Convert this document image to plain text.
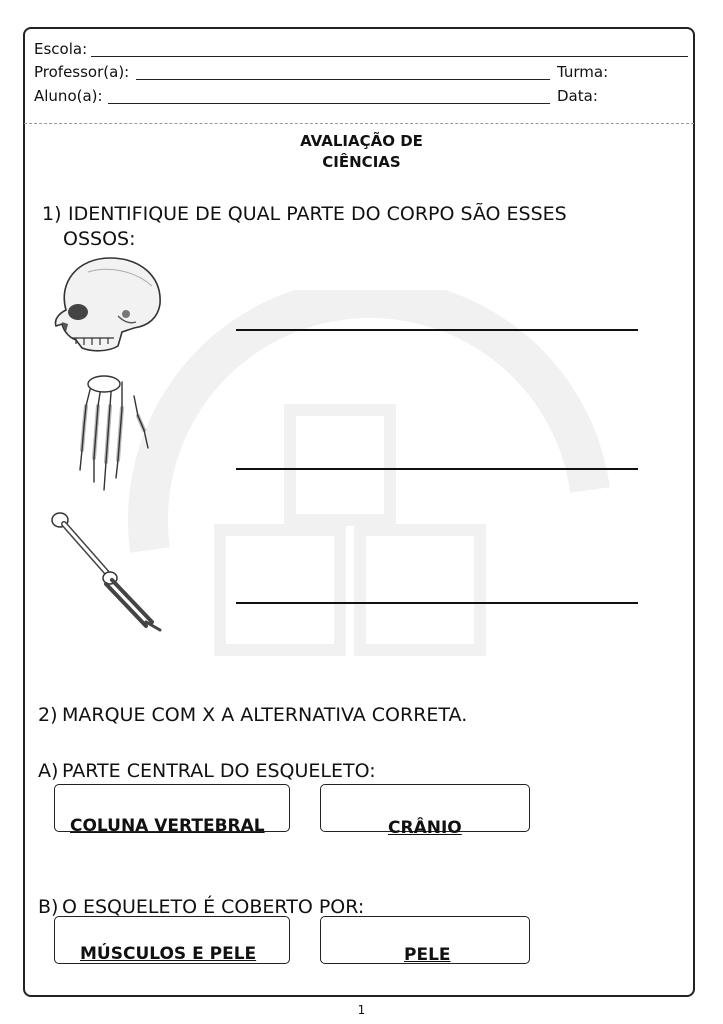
Escola:
Professor(a):	Turma:
Aluno(a):	Data:
AVALIAÇÃO DE
CIÊNCIAS
1) IDENTIFIQUE DE QUAL PARTE DO CORPO SÃO ESSES
OSSOS:
2) MARQUE COM X A ALTERNATIVA CORRETA.
A) PARTE CENTRAL DO ESQUELETO:
COLUNA VERTEBRAL	CRÂNIO
B) O ESQUELETO É COBERTO POR:
MÚSCULOS E PELE	PELE
1
